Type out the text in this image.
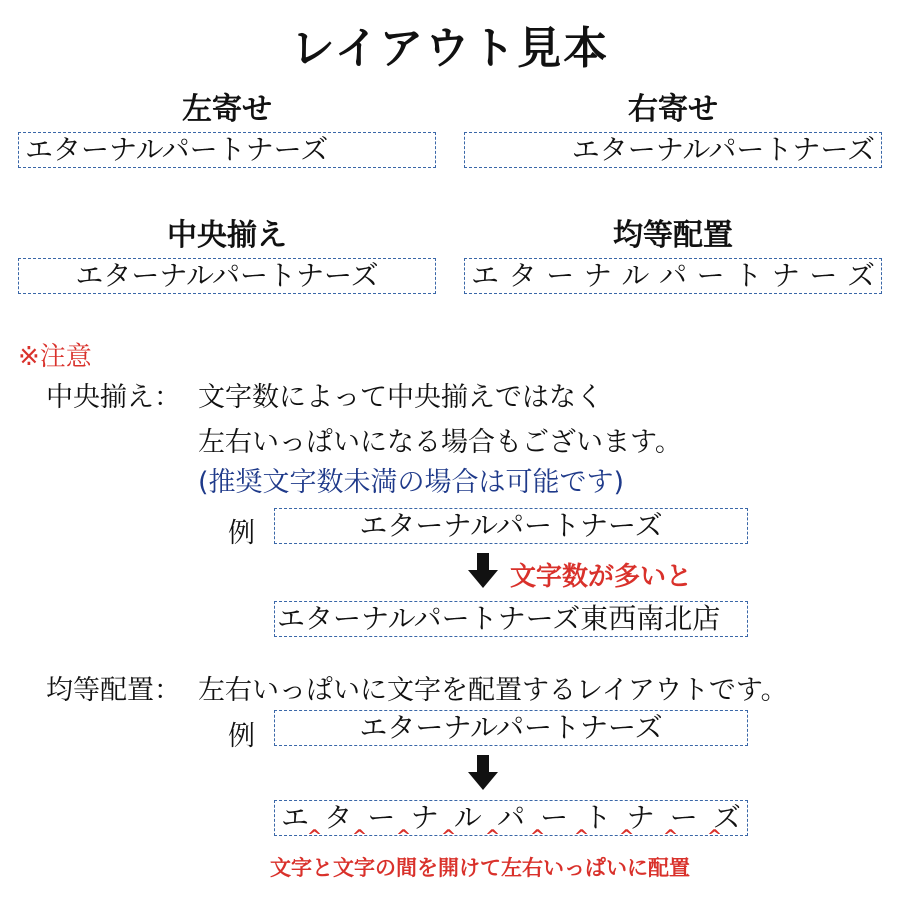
レイアウト見本
左寄せ
エターナルパートナーズ
右寄せ
エターナルパートナーズ
中央揃え
エターナルパートナーズ
均等配置
エ タ ー ナ ル パ ー ト ナ ー ズ
※注意
中央揃え： 文字数によって中央揃えではなく
左右いっぱいになる場合もございます。
(推奨文字数未満の場合は可能です)
例	エターナルパートナーズ
文字数が多いと
エターナルパートナーズ東西南北店
均等配置： 左右いっぱいに文字を配置するレイアウトです。
例	エターナルパートナーズ
エ タ ー ナ ル パ ー ト ナ ー ズ
^ ^ ^ ^ ^ ^ ^ ^ ^ ^
文字と文字の間を開けて左右いっぱいに配置
